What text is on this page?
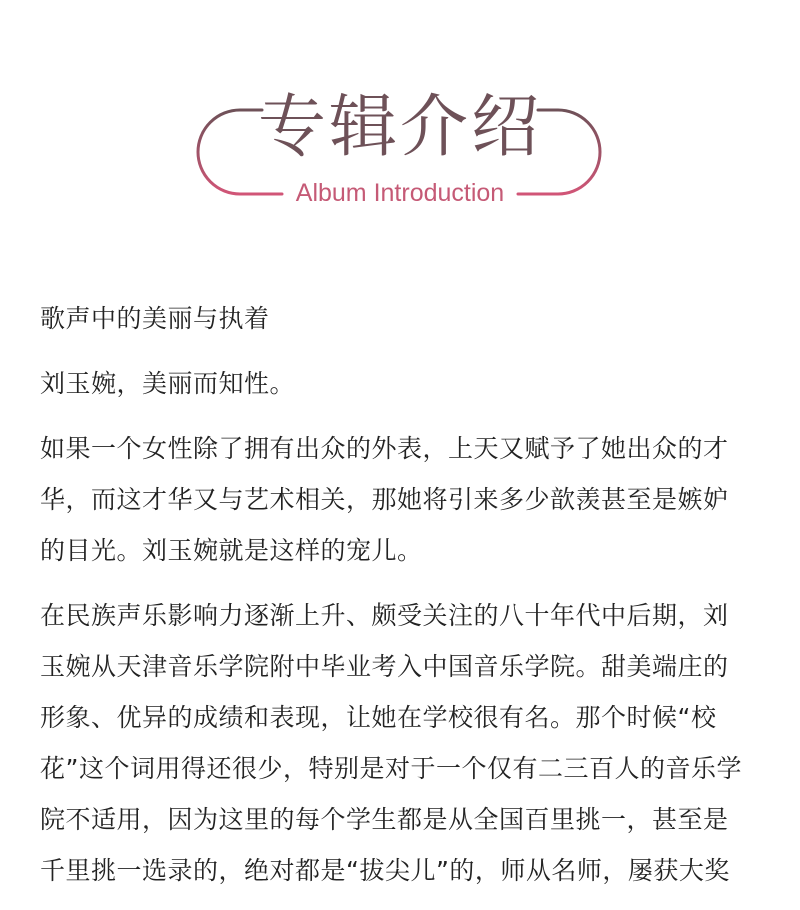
专辑介绍
Album Introduction

歌声中的美丽与执着

刘玉婉，美丽而知性。

如果一个女性除了拥有出众的外表，上天又赋予了她出众的才
华，而这才华又与艺术相关，那她将引来多少歆羡甚至是嫉妒
的目光。刘玉婉就是这样的宠儿。

在民族声乐影响力逐渐上升、颇受关注的八十年代中后期，刘
玉婉从天津音乐学院附中毕业考入中国音乐学院。甜美端庄的
形象、优异的成绩和表现，让她在学校很有名。那个时候“校
花”这个词用得还很少，特别是对于一个仅有二三百人的音乐学
院不适用，因为这里的每个学生都是从全国百里挑一，甚至是
千里挑一选录的，绝对都是“拔尖儿”的，师从名师，屡获大奖
